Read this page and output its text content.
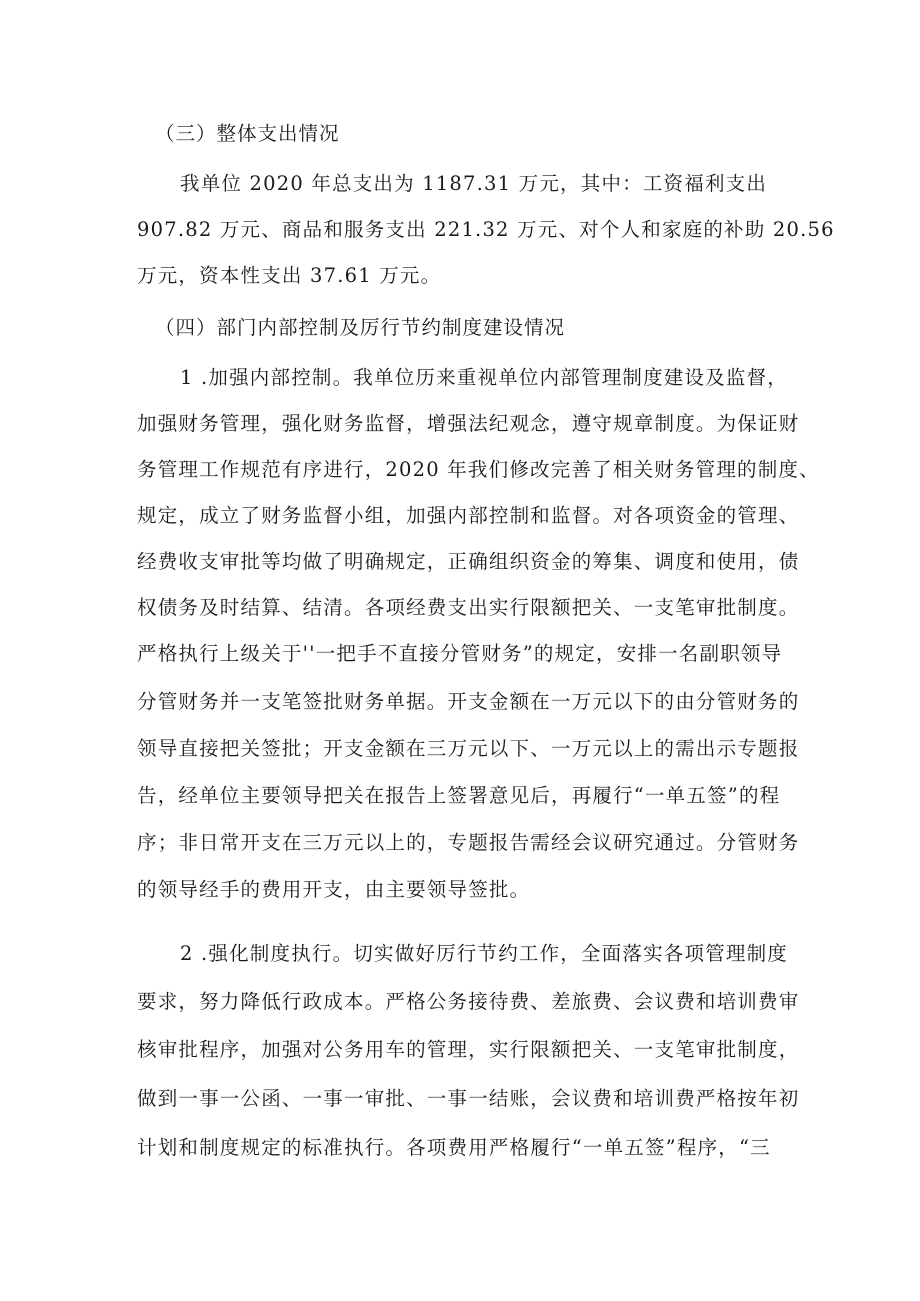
（三）整体支出情况
我单位 2020 年总支出为 1187.31 万元，其中：工资福利支出
907.82 万元、商品和服务支出 221.32 万元、对个人和家庭的补助 20.56
万元，资本性支出 37.61 万元。
（四）部门内部控制及厉行节约制度建设情况
1 .加强内部控制。我单位历来重视单位内部管理制度建设及监督，
加强财务管理，强化财务监督，增强法纪观念，遵守规章制度。为保证财
务管理工作规范有序进行，2020 年我们修改完善了相关财务管理的制度、
规定，成立了财务监督小组，加强内部控制和监督。对各项资金的管理、
经费收支审批等均做了明确规定，正确组织资金的筹集、调度和使用，债
权债务及时结算、结清。各项经费支出实行限额把关、一支笔审批制度。
严格执行上级关于''一把手不直接分管财务”的规定，安排一名副职领导
分管财务并一支笔签批财务单据。开支金额在一万元以下的由分管财务的
领导直接把关签批；开支金额在三万元以下、一万元以上的需出示专题报
告，经单位主要领导把关在报告上签署意见后，再履行“一单五签”的程
序；非日常开支在三万元以上的，专题报告需经会议研究通过。分管财务
的领导经手的费用开支，由主要领导签批。
2 .强化制度执行。切实做好厉行节约工作，全面落实各项管理制度
要求，努力降低行政成本。严格公务接待费、差旅费、会议费和培训费审
核审批程序，加强对公务用车的管理，实行限额把关、一支笔审批制度，
做到一事一公函、一事一审批、一事一结账，会议费和培训费严格按年初
计划和制度规定的标准执行。各项费用严格履行“一单五签”程序，“三
